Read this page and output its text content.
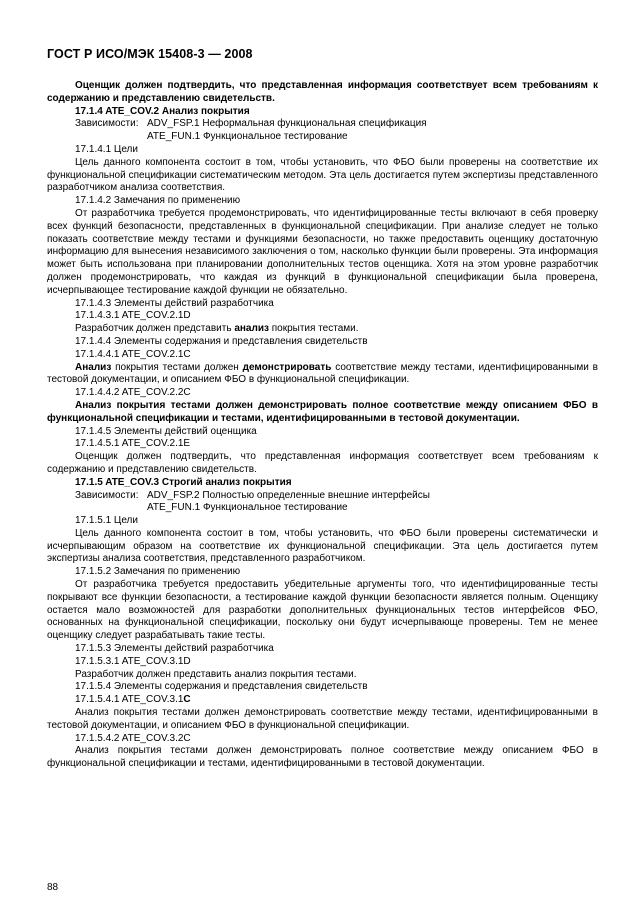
ГОСТ Р ИСО/МЭК 15408-3 — 2008

Оценщик должен подтвердить, что представленная информация соответствует всем требованиям к содержанию и представлению свидетельств.

17.1.4 ATE_COV.2 Анализ покрытия

Зависимости: ADV_FSP.1 Неформальная функциональная спецификация
ATE_FUN.1 Функциональное тестирование

17.1.4.1 Цели

Цель данного компонента состоит в том, чтобы установить, что ФБО были проверены на соответствие их функциональной спецификации систематическим методом. Эта цель достигается путем экспертизы представленного разработчиком анализа соответствия.

17.1.4.2 Замечания по применению

От разработчика требуется продемонстрировать, что идентифицированные тесты включают в себя проверку всех функций безопасности, представленных в функциональной спецификации. При анализе следует не только показать соответствие между тестами и функциями безопасности, но также предоставить оценщику достаточную информацию для вынесения независимого заключения о том, насколько функции были проверены. Эта информация может быть использована при планировании дополнительных тестов оценщика. Хотя на этом уровне разработчик должен продемонстрировать, что каждая из функций в функциональной спецификации была проверена, исчерпывающее тестирование каждой функции не обязательно.

17.1.4.3 Элементы действий разработчика

17.1.4.3.1 ATE_COV.2.1D

Разработчик должен представить анализ покрытия тестами.

17.1.4.4 Элементы содержания и представления свидетельств

17.1.4.4.1 ATE_COV.2.1C

Анализ покрытия тестами должен демонстрировать соответствие между тестами, идентифицированными в тестовой документации, и описанием ФБО в функциональной спецификации.

17.1.4.4.2 ATE_COV.2.2C

Анализ покрытия тестами должен демонстрировать полное соответствие между описанием ФБО в функциональной спецификации и тестами, идентифицированными в тестовой документации.

17.1.4.5 Элементы действий оценщика

17.1.4.5.1 ATE_COV.2.1E

Оценщик должен подтвердить, что представленная информация соответствует всем требованиям к содержанию и представлению свидетельств.

17.1.5 ATE_COV.3 Строгий анализ покрытия

Зависимости: ADV_FSP.2 Полностью определенные внешние интерфейсы
ATE_FUN.1 Функциональное тестирование

17.1.5.1 Цели

Цель данного компонента состоит в том, чтобы установить, что ФБО были проверены систематически и исчерпывающим образом на соответствие их функциональной спецификации. Эта цель достигается путем экспертизы анализа соответствия, представленного разработчиком.

17.1.5.2 Замечания по применению

От разработчика требуется предоставить убедительные аргументы того, что идентифицированные тесты покрывают все функции безопасности, а тестирование каждой функции безопасности является полным. Оценщику остается мало возможностей для разработки дополнительных функциональных тестов интерфейсов ФБО, основанных на функциональной спецификации, поскольку они будут исчерпывающе проверены. Тем не менее оценщику следует разрабатывать такие тесты.

17.1.5.3 Элементы действий разработчика

17.1.5.3.1 ATE_COV.3.1D

Разработчик должен представить анализ покрытия тестами.

17.1.5.4 Элементы содержания и представления свидетельств

17.1.5.4.1 ATE_COV.3.1C

Анализ покрытия тестами должен демонстрировать соответствие между тестами, идентифицированными в тестовой документации, и описанием ФБО в функциональной спецификации.

17.1.5.4.2 ATE_COV.3.2C

Анализ покрытия тестами должен демонстрировать полное соответствие между описанием ФБО в функциональной спецификации и тестами, идентифицированными в тестовой документации.

88
